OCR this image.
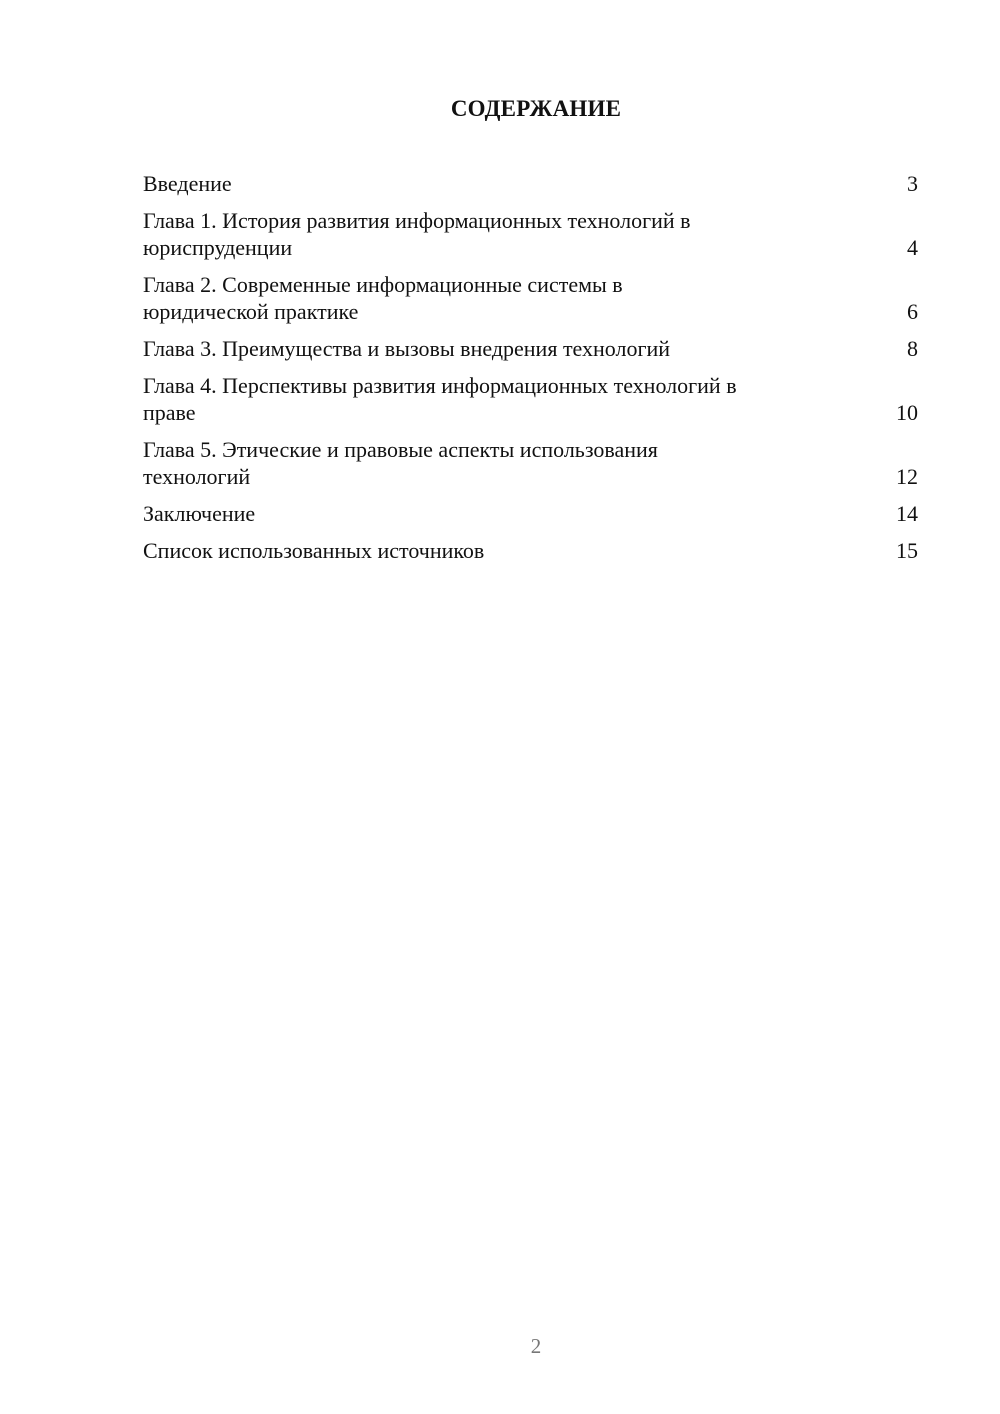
СОДЕРЖАНИЕ
Введение	3
Глава 1. История развития информационных технологий в
юриспруденции	4
Глава 2. Современные информационные системы в
юридической практике	6
Глава 3. Преимущества и вызовы внедрения технологий	8
Глава 4. Перспективы развития информационных технологий в
праве	10
Глава 5. Этические и правовые аспекты использования
технологий	12
Заключение	14
Список использованных источников	15
2
